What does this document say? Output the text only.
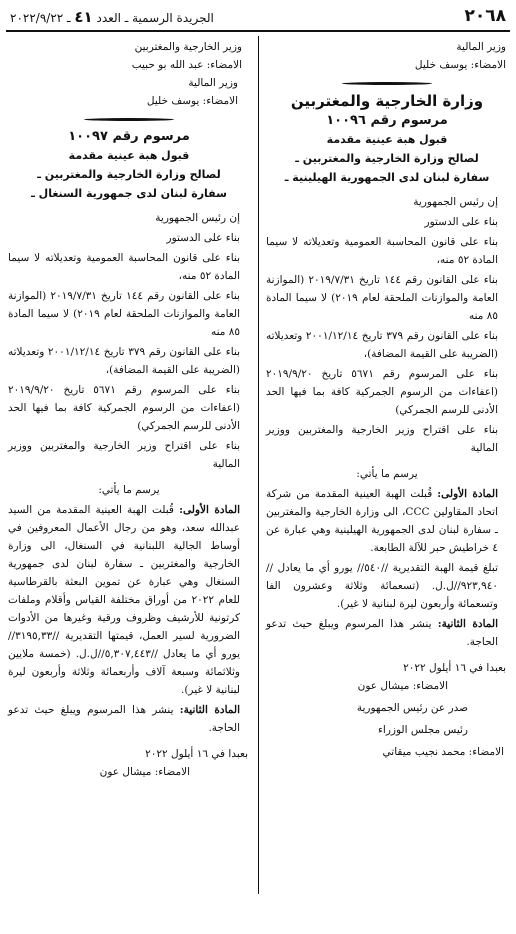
٢٠٦٨
الجريدة الرسمية ـ العدد ٤١ ـ ٢٠٢٢/٩/٢٢

وزير المالية

الامضاء: يوسف خليل

وزارة الخارجية والمغتربين

مرسوم رقم ١٠٠٩٦

قبول هبة عينية مقدمة

لصالح وزارة الخارجية والمغتربين ـ

سفارة لبنان لدى الجمهورية الهيلينية ـ

إن رئيس الجمهورية

بناء على الدستور

بناء على قانون المحاسبة العمومية وتعديلاته لا سيما المادة ٥٢ منه،

بناء على القانون رقم ١٤٤ تاريخ ٢٠١٩/٧/٣١ (الموازنة العامة والموازنات الملحقة لعام ٢٠١٩) لا سيما المادة ٨٥ منه

بناء على القانون رقم ٣٧٩ تاريخ ٢٠٠١/١٢/١٤ وتعديلاته (الضريبة على القيمة المضافة)،

بناء على المرسوم رقم ٥٦٧١ تاريخ ٢٠١٩/٩/٢٠ (اعفاءات من الرسوم الجمركية كافة بما فيها الحد الأدنى للرسم الجمركي)

بناء على اقتراح وزير الخارجية والمغتربين ووزير المالية

يرسم ما يأتي:

المادة الأولى: قُبلت الهبة العينية المقدمة من شركة اتحاد المقاولين CCC، الى وزارة الخارجية والمغتربين ـ سفارة لبنان لدى الجمهورية الهيلينية وهي عبارة عن ٤ خراطيش حبر للآلة الطابعة.

تبلغ قيمة الهبة التقديرية //٥٤٠// يورو أي ما يعادل //٩٢٣,٩٤٠//ل.ل. (تسعمائة وثلاثة وعشرون الفا وتسعمائة وأربعون ليرة لبنانية لا غير).

المادة الثانية: ينشر هذا المرسوم ويبلغ حيث تدعو الحاجة.

بعبدا في ١٦ أيلول ٢٠٢٢

الامضاء: ميشال عون

صدر عن رئيس الجمهورية

رئيس مجلس الوزراء

الامضاء: محمد نجيب ميقاتي

وزير الخارجية والمغتربين

الامضاء: عبد الله بو حبيب

وزير المالية

الامضاء: يوسف خليل

مرسوم رقم ١٠٠٩٧

قبول هبة عينية مقدمة

لصالح وزارة الخارجية والمغتربين ـ

سفارة لبنان لدى جمهورية السنغال ـ

إن رئيس الجمهورية

بناء على الدستور

بناء على قانون المحاسبة العمومية وتعديلاته لا سيما المادة ٥٢ منه،

بناء على القانون رقم ١٤٤ تاريخ ٢٠١٩/٧/٣١ (الموازنة العامة والموازنات الملحقة لعام ٢٠١٩) لا سيما المادة ٨٥ منه

بناء على القانون رقم ٣٧٩ تاريخ ٢٠٠١/١٢/١٤ وتعديلاته (الضريبة على القيمة المضافة)،

بناء على المرسوم رقم ٥٦٧١ تاريخ ٢٠١٩/٩/٢٠ (اعفاءات من الرسوم الجمركية كافة بما فيها الحد الأدنى للرسم الجمركي)

بناء على اقتراح وزير الخارجية والمغتربين ووزير المالية

يرسم ما يأتي:

المادة الأولى: قُبلت الهبة العينية المقدمة من السيد عبدالله سعد، وهو من رجال الأعمال المعروفين في أوساط الجالية اللبنانية في السنغال، الى وزارة الخارجية والمغتربين ـ سفارة لبنان لدى جمهورية السنغال وهي عبارة عن تموين البعثة بالقرطاسية للعام ٢٠٢٢ من أوراق مختلفة القياس وأقلام وملفات كرتونية للأرشيف وظروف ورقية وغيرها من الأدوات الضرورية لسير العمل، قيمتها التقديرية //٣١٩٥,٣٣// يورو أي ما يعادل //٥,٣٠٧,٤٤٣//ل.ل. (خمسة ملايين وثلاثمائة وسبعة آلاف وأربعمائة وثلاثة وأربعون ليرة لبنانية لا غير).

المادة الثانية: ينشر هذا المرسوم ويبلغ حيث تدعو الحاجة.

بعبدا في ١٦ أيلول ٢٠٢٢

الامضاء: ميشال عون
